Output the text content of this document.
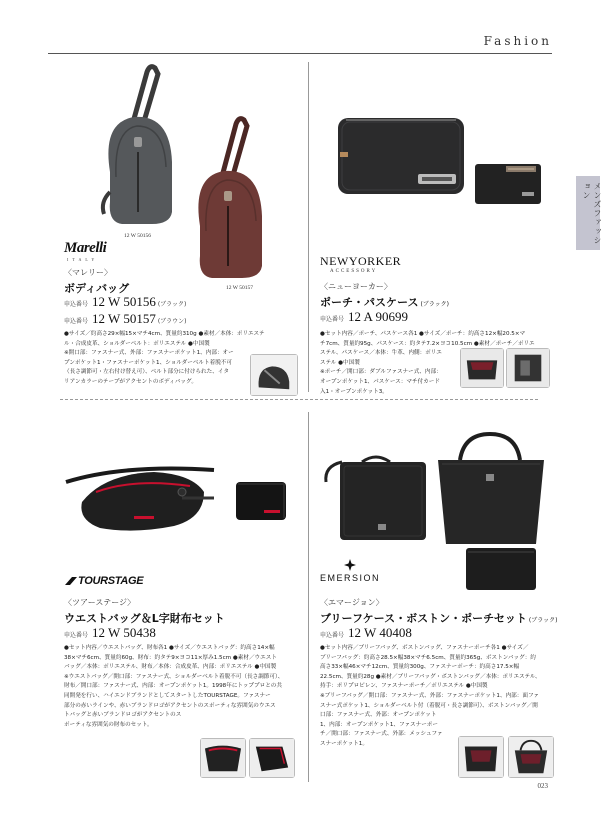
Fashion
メンズファッション
12 W 50156
12 W 50157
Marelli
ITALY
〈マレリー〉
ボディバッグ
申込番号 12 W 50156 (ブラック)
申込番号 12 W 50157 (ブラウン)
●サイズ／約高さ29×幅15×マチ4cm、質量約310g ●素材／本体：ポリエステ
ル・合成皮革、ショルダーベルト：ポリエステル ●中国製
※開口部：ファスナー式、外部：ファスナーポケット1、内部：オー
プンポケット1・ファスナーポケット1、ショルダーベルト着脱不可
（長さ調節可・左右付け替え可）、ベルト部分に付けられた、イタ
リアンカラーのテープがアクセントのボディバッグ。
NEWYORKER
ACCESSORY
〈ニューヨーカー〉
ポーチ・パスケース (ブラック)
申込番号 12 A 90699
●セット内容／ポーチ、パスケース各1 ●サイズ／ポーチ：約高さ12×幅20.5×マ
チ7cm、質量約95g、パスケース：約タテ7.2×ヨコ10.5cm ●素材／ポーチ／ポリエ
ステル、パスケース／本体：牛革、内側：ポリエ
ステル ●中国製
※ポーチ／開口部：ダブルファスナー式、内部：
オープンポケット1、パスケース：マチ付カード
入1・オープンポケット3。
TOURSTAGE
〈ツアーステージ〉
ウエストバッグ＆L字財布セット
申込番号 12 W 50438
●セット内容／ウエストバッグ、財布各1 ●サイズ／ウエストバッグ：約高さ14×幅
38×マチ6cm、質量約60g、財布：約タテ9×ヨコ11×厚み1.5cm ●素材／ウエスト
バッグ／本体：ポリエステル、財布／本体：合成皮革、内部：ポリエステル ●中国製
※ウエストバッグ／開口部：ファスナー式、ショルダーベルト着脱不可（長さ調節可）、
財布／開口部：ファスナー式、内部：オープンポケット1。1998年にトッププロとの共
同開発を行い、ハイエンドブランドとしてスタートしたTOURSTAGE。ファスナー
部分の赤いラインや、赤いブランドロゴがアクセントのスポーティな雰囲気のウエス
トバッグと赤いブランドロゴがアクセントのス
ポーティな雰囲気の財布のセット。
EMERSION
〈エマージョン〉
ブリーフケース・ボストン・ポーチセット (ブラック)
申込番号 12 W 40408
●セット内容／ブリーフバッグ、ボストンバッグ、ファスナーポーチ各1 ●サイズ／
ブリーフバッグ：約高さ28.5×幅38×マチ6.5cm、質量約365g、ボストンバッグ：約
高さ33×幅46×マチ12cm、質量約300g、ファスナーポーチ：約高さ17.5×幅
22.5cm、質量約28g ●素材／ブリーフバッグ・ボストンバッグ／本体：ポリエステル、
持手：ポリプロピレン、ファスナーポーチ／ポリエステル ●中国製
※ブリーフバッグ／開口部：ファスナー式、外部：ファスナーポケット1、内部：面ファ
スナー式ポケット1、ショルダーベルト付（着脱可・長さ調節可）、ボストンバッグ／開
口部：ファスナー式、外部：オープンポケット
1、内部：オープンポケット1、ファスナーポー
チ／開口部：ファスナー式、外部：メッシュファ
スナーポケット1。
023
